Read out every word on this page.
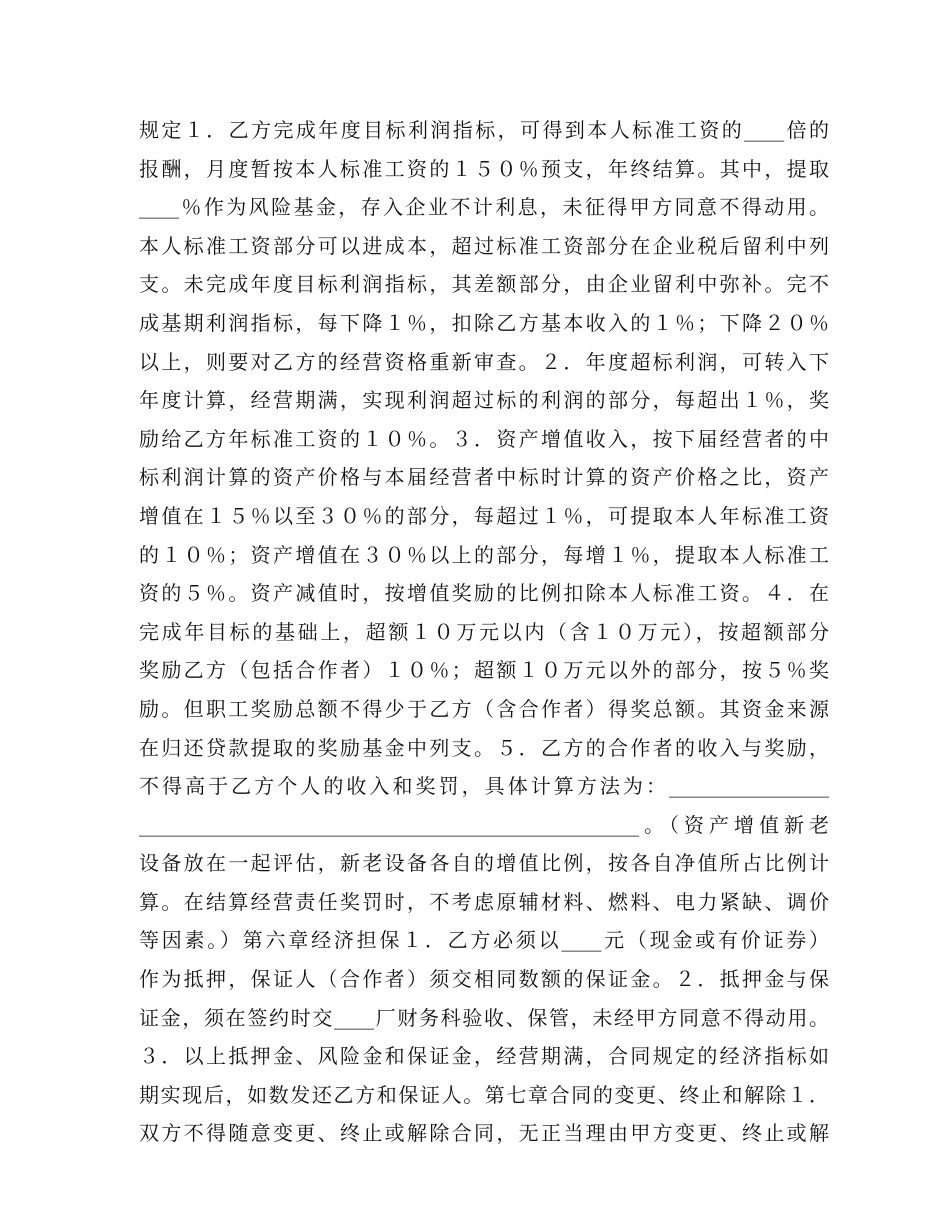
规定１．乙方完成年度目标利润指标，可得到本人标准工资的____倍的
报酬，月度暂按本人标准工资的１５０％预支，年终结算。其中，提取
____％作为风险基金，存入企业不计利息，未征得甲方同意不得动用。
本人标准工资部分可以进成本，超过标准工资部分在企业税后留利中列
支。未完成年度目标利润指标，其差额部分，由企业留利中弥补。完不
成基期利润指标，每下降１％，扣除乙方基本收入的１％；下降２０％
以上，则要对乙方的经营资格重新审查。２．年度超标利润，可转入下
年度计算，经营期满，实现利润超过标的利润的部分，每超出１％，奖
励给乙方年标准工资的１０％。３．资产增值收入，按下届经营者的中
标利润计算的资产价格与本届经营者中标时计算的资产价格之比，资产
增值在１５％以至３０％的部分，每超过１％，可提取本人年标准工资
的１０％；资产增值在３０％以上的部分，每增１％，提取本人标准工
资的５％。资产减值时，按增值奖励的比例扣除本人标准工资。４．在
完成年目标的基础上，超额１０万元以内（含１０万元），按超额部分
奖励乙方（包括合作者）１０％；超额１０万元以外的部分，按５％奖
励。但职工奖励总额不得少于乙方（含合作者）得奖总额。其资金来源
在归还贷款提取的奖励基金中列支。５．乙方的合作者的收入与奖励，
不得高于乙方个人的收入和奖罚，具体计算方法为：________________
__________________________________________________。（资产增值新老
设备放在一起评估，新老设备各自的增值比例，按各自净值所占比例计
算。在结算经营责任奖罚时，不考虑原辅材料、燃料、电力紧缺、调价
等因素。）第六章经济担保１．乙方必须以____元（现金或有价证券）
作为抵押，保证人（合作者）须交相同数额的保证金。２．抵押金与保
证金，须在签约时交____厂财务科验收、保管，未经甲方同意不得动用。
３．以上抵押金、风险金和保证金，经营期满，合同规定的经济指标如
期实现后，如数发还乙方和保证人。第七章合同的变更、终止和解除１．
双方不得随意变更、终止或解除合同，无正当理由甲方变更、终止或解
